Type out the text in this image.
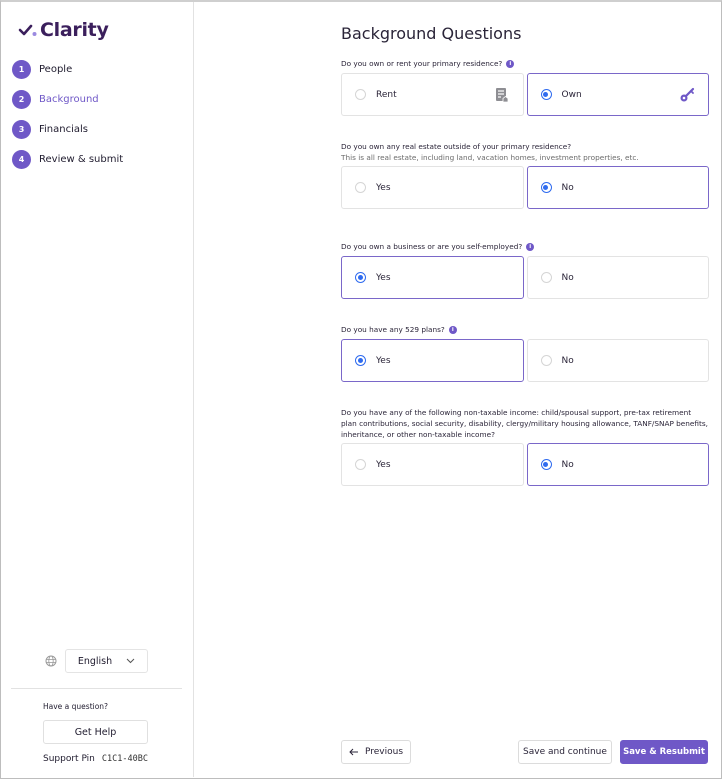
Clarity
1	People
2	Background
3	Financials
4	Review & submit
English
Have a question?
Get Help
Support Pin C1C1-40BC
Background Questions
Do you own or rent your primary residence?	i
Rent	Own
Do you own any real estate outside of your primary residence?
This is all real estate, including land, vacation homes, investment properties, etc.
Yes	No
Do you own a business or are you self-employed?	i
Yes	No
Do you have any 529 plans?	i
Yes	No
Do you have any of the following non-taxable income: child/spousal support, pre-tax retirement plan contributions, social security, disability, clergy/military housing allowance, TANF/SNAP benefits, inheritance, or other non-taxable income?
Yes	No
Previous	Save and continue	Save & Resubmit
